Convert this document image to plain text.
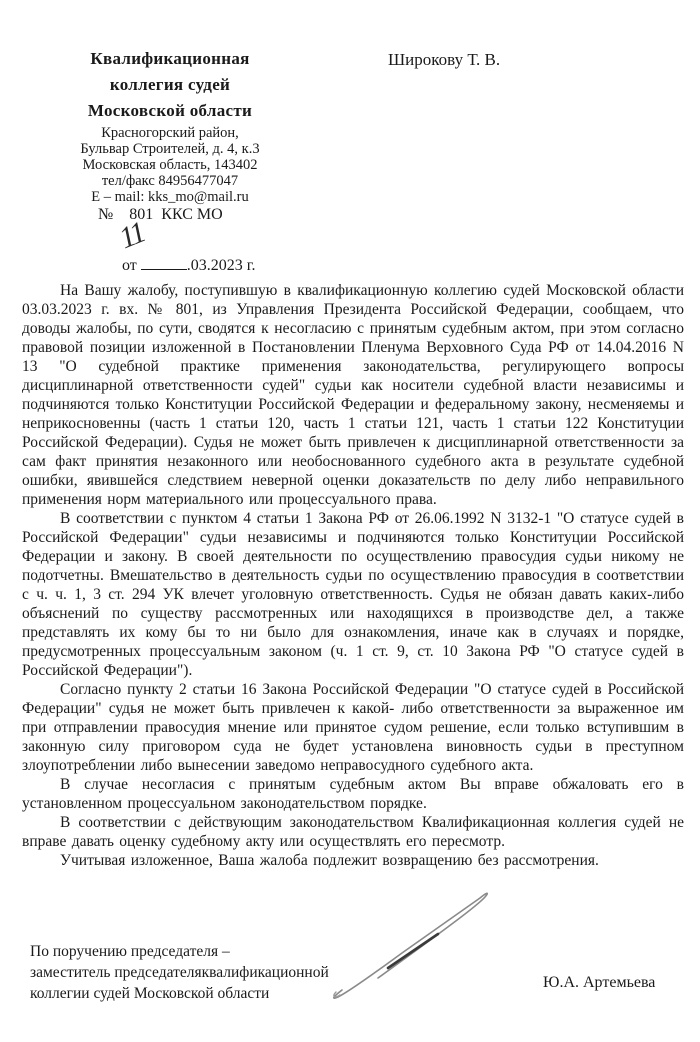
Квалификационная
коллегия судей
Московской области
Красногорский район,
Бульвар Строителей, д. 4, к.3
Московская область, 143402
тел/факс 84956477047
E – mail: kks_mo@mail.ru
Широкову Т. В.
№    801  ККС МО

от
11
.03.2023 г.

На Вашу жалобу, поступившую в квалификационную коллегию судей Московской области 03.03.2023 г. вх. № 801, из Управления Президента Российской Федерации, сообщаем, что доводы жалобы, по сути, сводятся к несогласию с принятым судебным актом, при этом согласно правовой позиции изложенной в Постановлении Пленума Верховного Суда РФ от 14.04.2016 N 13 "О судебной практике применения законодательства, регулирующего вопросы дисциплинарной ответственности судей" судьи как носители судебной власти независимы и подчиняются только Конституции Российской Федерации и федеральному закону, несменяемы и неприкосновенны (часть 1 статьи 120, часть 1 статьи 121, часть 1 статьи 122 Конституции Российской Федерации). Судья не может быть привлечен к дисциплинарной ответственности за сам факт принятия незаконного или необоснованного судебного акта в результате судебной ошибки, явившейся следствием неверной оценки доказательств по делу либо неправильного применения норм материального или процессуального права.

В соответствии с пунктом 4 статьи 1 Закона РФ от 26.06.1992 N 3132-1 "О статусе судей в Российской Федерации" судьи независимы и подчиняются только Конституции Российской Федерации и закону. В своей деятельности по осуществлению правосудия судьи никому не подотчетны. Вмешательство в деятельность судьи по осуществлению правосудия в соответствии с ч. ч. 1, 3 ст. 294 УК влечет уголовную ответственность. Судья не обязан давать каких-либо объяснений по существу рассмотренных или находящихся в производстве дел, а также представлять их кому бы то ни было для ознакомления, иначе как в случаях и порядке, предусмотренных процессуальным законом (ч. 1 ст. 9, ст. 10 Закона РФ "О статусе судей в Российской Федерации").

Согласно пункту 2 статьи 16 Закона Российской Федерации "О статусе судей в Российской Федерации" судья не может быть привлечен к какой- либо ответственности за выраженное им при отправлении правосудия мнение или принятое судом решение, если только вступившим в законную силу приговором суда не будет установлена виновность судьи в преступном злоупотреблении либо вынесении заведомо неправосудного судебного акта.

В случае несогласия с принятым судебным актом Вы вправе обжаловать его в установленном процессуальном законодательством порядке.

В соответствии с действующим законодательством Квалификационная коллегия судей не вправе давать оценку судебному акту или осуществлять его пересмотр.

Учитывая изложенное, Ваша жалоба подлежит возвращению без рассмотрения.

По поручению председателя –
заместитель председателяквалификационной
коллегии судей Московской области
Ю.А. Артемьева
